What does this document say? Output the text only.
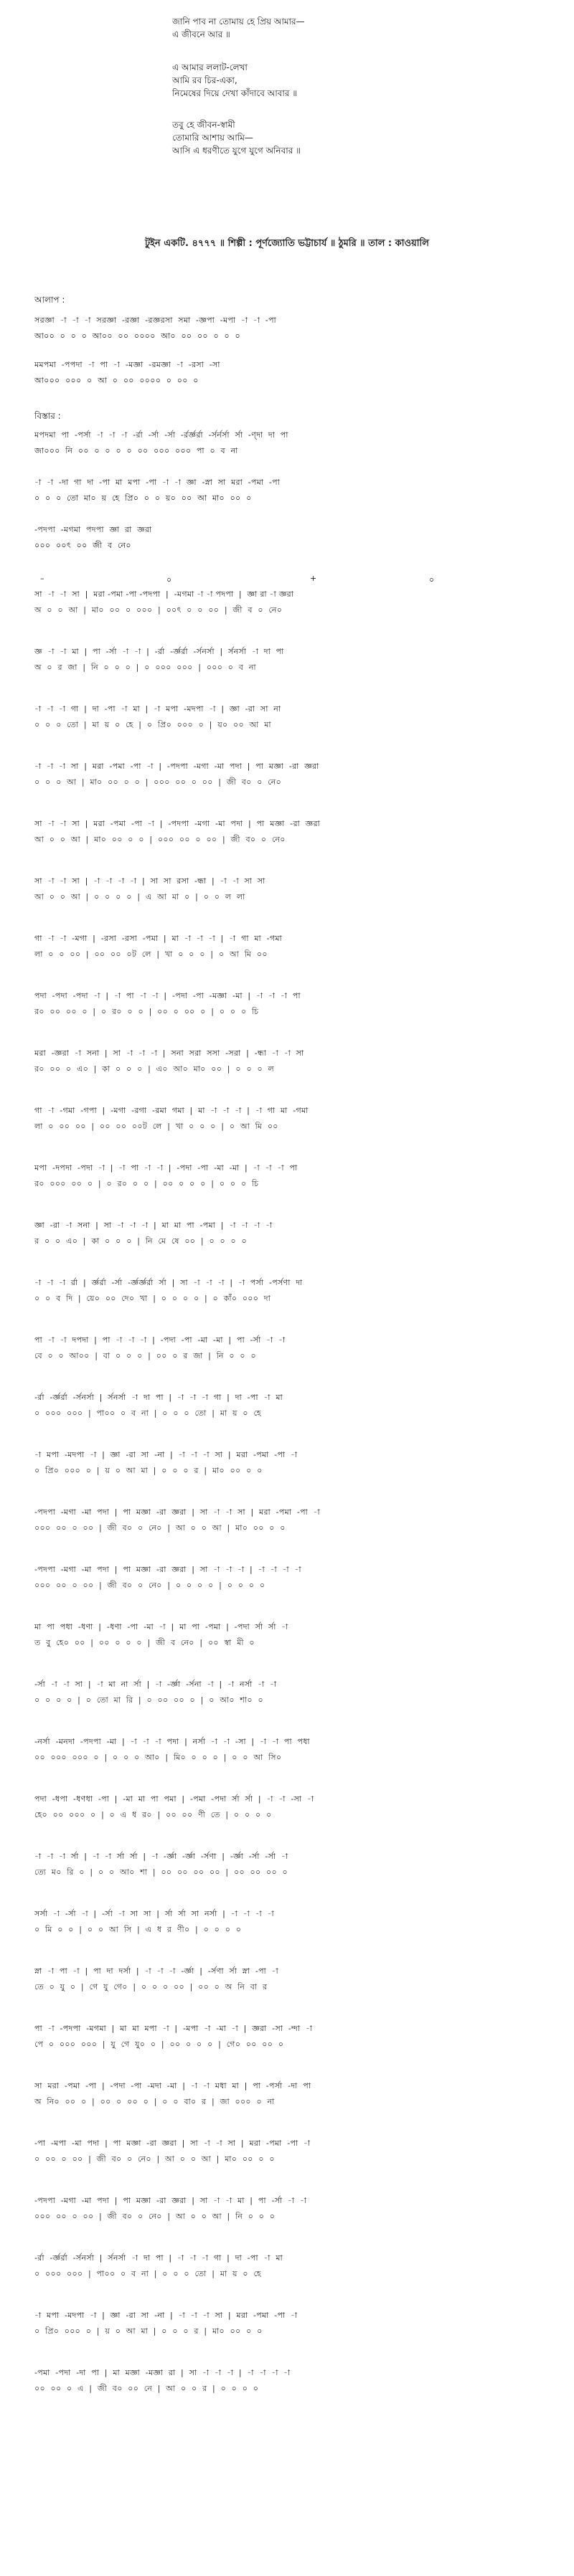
জানি পাব না তোমায় হে প্রিয় আমার—
এ জীবনে আর ॥
এ আমার ললাট-লেখা
আমি রব চির-একা,
নিমেষের দিয়ে দেখা কাঁদাবে আবার ॥
তবু হে জীবন-স্বামী
তোমারি আশায় আমি—
আসি এ ধরণীতে যুগে যুগে অনিবার ॥
টুইন একটি. ৪৭৭৭ ॥ শিল্পী : পূর্ণজ্যোতি ভট্টাচার্য ॥ ঠুমরি ॥ তাল : কাওয়ালি
আলাপ :
সরজ্ঞা  -া  -া  -া  সরজ্ঞা  -রজ্ঞা  -রজ্ঞরসা  সমা  -জ্ঞপা  -মপা  -া  -া  -পা
আ০০  ০  ০  ০  আ০০  ০০  ০০০০  আ০  ০০  ০০  ০  ০  ০
মমপমা  -পপদা  -া  পা  -া  -মজ্ঞা  -রমজ্ঞা  -া  -রসা  -সা
আ০০০  ০০০  ০  আ  ০  ০০  ০০০০  ০  ০০  ০
বিস্তার :
মপদমা  পা  -পর্সা  -া  -া  -া  -র্রা  -র্সা  -র্সা  -র্রর্জ্ঞর্রা  -র্সর্নর্সা  র্সা  -ণ্দা  দা  পা
জা০০০  নি  ০০  ০  ০  ০  ০  ০০  ০০০  ০০০  পা  ০  ব  না
-া  -া  -দা  গা  দা  -পা  মা  মপা  -পা  -া  -া  জ্ঞা  -স্না  সা  মরা  -পমা  -পা
০  ০  ০  তো  মা০  য়  হে  প্রি০  ০  ০  য়০  ০০  আ  মা০  ০০  ০
-পদপা  -মগমা  পদপা  জ্ঞা  রা  জ্ঞরা
০০০  ০০ৎ  ০০  জী  ব  নে০
–	০	+	০
সা  -া  -া  সা  |  মরা -পমা -পা -পদপা  |  -মগমা -া -া পদপা  |  জ্ঞা রা -া জ্ঞরা
অ  ০  ০  আ  |  মা০  ০০  ০  ০০০  |  ০০ৎ  ০  ০  ০০  |  জী  ব  ০  নে০
জ্ঞ  -া  -া  মা  |  পা  -র্সা  -া  -া  |  -র্রা  -র্জ্ঞর্রা  -র্সনর্সা  |  র্সনর্সা  -া  দা  পা
অ  ০  র  জা  |  নি  ০  ০  ০  |  ০  ০০০  ০০০  |  ০০০  ০  ব  না
-া  -া  -া  গা  |  দা  -পা  -া  মা  |  -া  মপা  -মদপা  -া  |  জ্ঞা  -রা  সা  না
০  ০  ০  তো  |  মা  য়  ০  হে  |  ০  প্রি০  ০০০  ০  |  য়০  ০০  আ  মা
-া  -া  -া  সা  |  মরা  -পমা  -পা  -া  |  -পদপা  -মগা  -মা  পদা  |  পা  মজ্ঞা  -রা  জ্ঞরা
০  ০  ০  আ  |  মা০  ০০  ০  ০  |  ০০০  ০০  ০  ০০  |  জী  ব০  ০  নে০
সা  -া  -া  সা  |  মরা  -পমা  -পা  -া  |  -পদপা  -মগা  -মা  পদা  |  পা  মজ্ঞা  -রা  জ্ঞরা
আ  ০  ০  আ  |  মা০  ০০  ০  ০  |  ০০০  ০০  ০  ০০  |  জী  ব০  ০  নে০
সা  -া  -া  সা  |  -া  -া  -া  -া  |  সা  সা  রসা  -ন্ধা  |  -া  -া  সা  সা
আ  ০  ০  আ  |  ০  ০  ০  ০  |  এ  আ  মা  ০  |  ০  ০  ল  লা
গা  -া  -া  -মগা  |  -রসা  -রসা  -পমা  |  মা  -া  -া  -া  |  -া  গা  মা  -গমা
লা  ০  ০  ০০  |  ০০  ০০  ০ট  লে  |  খা  ০  ০  ০  |  ০  আ  মি  ০০
পদা  -পদা  -পদা  -া  |  -া  পা  -া  -া  |  -পদা  -পা  -মজ্ঞা  -মা  |  -া  -া  -া  পা
র০  ০০  ০০  ০  |  ০  র০  ০  ০  |  ০০  ০  ০০  ০  |  ০  ০  ০  চি
মরা  -জ্ঞরা  -া  সনা  |  সা  -া  -া  -া  |  সনা  সরা  সসা  -সরা  |  -ন্ধা  -া  -া  সা
র০  ০০  ০  এ০  |  কা  ০  ০  ০  |  এ০  আ০  মা০  ০০  |  ০  ০  ০  ল
গা  -া  -গমা  -গপা  |  -মগা  -রগা  -রমা  গমা  |  মা  -া  -া  -া  |  -া  গা  মা  -গমা
লা  ০  ০০  ০০  |  ০০  ০০  ০০ট  লে  |  খা  ০  ০  ০  |  ০  আ  মি  ০০
মপা  -দপদা  -পদা  -া  |  -া  পা  -া  -া  |  -পদা  -পা  -মা  -মা  |  -া  -া  -া  পা
র০  ০০০  ০০  ০  |  ০  র০  ০  ০  |  ০০  ০  ০  ০  |  ০  ০  ০  চি
জ্ঞা  -রা  -া  সনা  |  সা  -া  -া  -া  |  মা  মা  পা  -পমা  |  -া  -া  -া  -া
র  ০  ০  এ০  |  কা  ০  ০  ০  |  নি  মে  ষে  ০০  |  ০  ০  ০  ০
-া  -া  -া  র্রা  |  র্জ্ঞর্রা  -র্সা  -র্জ্ঞর্জ্ঞর্রা  র্সা  |  সা  -া  -া  -া  |  -া  পর্সা  -পর্সণা  দা
০  ০  ব  দি  |  য়ে০  ০০  দে০  খা  |  ০  ০  ০  ০  |  ০  কাঁ০  ০০০  দা
পা  -া  -া  দপদা  |  পা  -া  -া  -া  |  -পদা  -পা  -মা  -মা  |  পা  -র্সা  -া  -া
বে  ০  ০  আ০০  |  বা  ০  ০  ০  |  ০০  ০  র  জা  |  নি  ০  ০  ০
-র্রা  -র্জ্ঞর্রা  -র্সনর্সা  |  র্সনর্সা  -া  দা  পা  |  -া  -া  -া  গা  |  দা  -পা  -া  মা
০  ০০০  ০০০  |  পা০০  ০  ব  না  |  ০  ০  ০  তো  |  মা  য়  ০  হে
-া  মপা  -মদপা  -া  |  জ্ঞা  -রা  সা  -না  |  -া  -া  -া  সা  |  মরা  -পমা  -পা  -া
০  প্রি০  ০০০  ০  |  য়  ০  আ  মা  |  ০  ০  ০  র  |  মা০  ০০  ০  ০
-পদপা  -মগা  -মা  পদা  |  পা  মজ্ঞা  -রা  জ্ঞরা  |  সা  -া  -া  সা  |  মরা  -পমা  -পা  -া
০০০  ০০  ০  ০০  |  জী  ব০  ০  নে০  |  আ  ০  ০  আ  |  মা০  ০০  ০  ০
-পদপা  -মগা  -মা  পদা  |  পা  মজ্ঞা  -রা  জ্ঞরা  |  সা  -া  -া  -া  |  -া  -া  -া  -া
০০০  ০০  ০  ০০  |  জী  ব০  ০  নে০  |  ০  ০  ০  ০  |  ০  ০  ০  ০
মা  পা  পধা  -ধণা  |  -ধণা  -পা  -মা  -া  |  মা  পা  -পমা  |  -পদা  র্সা  র্সা  -া
ত  বু  হে০  ০০  |  ০০  ০  ০  ০  |  জী  ব  নে০  |  ০০  স্বা  মী  ০
-র্সা  -া  -া  সা  |  -া  মা  না  র্সা  |  -া  -র্জ্ঞা  -র্সনা  -া  |  -া  নর্সা  -া  -া
০  ০  ০  ০  |  ০  তো  মা  রি  |  ০  ০০  ০০  ০  |  ০  আ০  শা০  ০
-নর্সা  -মনদা  -পদপা  -মা  |  -া  -া  -া  পদা  |  নর্সা  -া  -া  -সা  |  -া  -া  পা  পধা
০০  ০০০  ০০০  ০  |  ০  ০  ০  আ০  |  মি০  ০  ০  ০  |  ০  ০  আ  সি০
পদা  -ধপা  -ধণধা  -পা  |  -মা  মা  পা  পমা  |  -পমা  -পদা  র্সা  র্সা  |  -া  -া  -সা  -া
হে০  ০০  ০০০  ০  |  ০  এ  ধ  র০  |  ০০  ০০  ণী  তে  |  ০  ০  ০  ০
-া  -া  -া  র্সা  |  -া  -া  র্সা  র্সা  |  -া  -র্জ্ঞা  -র্জ্ঞা  -র্সণা  |  -র্জ্ঞা  -র্সা  -র্সা  -া
ত্যে  ম০  রি  ০  |  ০  ০  আ০  শা  |  ০০  ০০  ০০  ০০  |  ০০  ০০  ০০  ০
সর্সা  -া  -র্সা  -া  |  -র্সা  -া  সা  সা  |  র্সা  র্সা  সা  নর্সা  |  -া  -া  -া  -া
০  মি  ০  ০  |  ০  ০  আ  সি  |  এ  ধ  র  ণী০  |  ০  ০  ০  ০
স্না  -া  পা  -া  |  পা  দা  দর্সা  |  -া  -া  -া  -র্জ্ঞা  |  -র্সণা  র্সা  স্না  -পা  -া
তে  ০  যু  ০  |  গে  যু  গে০  |  ০  ০  ০  ০০  |  ০০  ০  অ  নি  বা  র
পা  -া  -পদপা  -মগমা  |  মা  মা  মপা  -া  |  -মপা  -া  -মা  -া  |  জ্ঞরা  -সা  -ন্দা  -া
পে  ০  ০০০  ০০০  |  যু  গে  যু০  ০  |  ০০  ০  ০  ০  |  গে০  ০০  ০০  ০
সা  মরা  -পমা  -পা  |  -পদা  -পা  -মদা  -মা  |  -া  -া  মধা  মা  |  পা  -পর্সা  -দা  পা
অ  নি০  ০০  ০  |  ০০  ০  ০০  ০  |  ০  ০  বা০  র  |  জা  ০০০  ০  না
-পা  -মপা  -মা  পদা  |  পা  মজ্ঞা  -রা  জ্ঞরা  |  সা  -া  -া  সা  |  মরা  -পমা  -পা  -া
০  ০০  ০  ০০  |  জী  ব০  ০  নে০  |  আ  ০  ০  আ  |  মা০  ০০  ০  ০
-পদপা  -মগা  -মা  পদা  |  পা  মজ্ঞা  -রা  জ্ঞরা  |  সা  -া  -া  মা  |  পা  -র্সা  -া  -া
০০০  ০০  ০  ০০  |  জী  ব০  ০  নে০  |  আ  ০  ০  আ  |  নি  ০  ০  ০
-র্রা  -র্জ্ঞর্রা  -র্সনর্সা  |  র্সনর্সা  -া  দা  পা  |  -া  -া  -া  গা  |  দা  -পা  -া  মা
০  ০০০  ০০০  |  পা০০  ০  ব  না  |  ০  ০  ০  তো  |  মা  য়  ০  হে
-া  মপা  -মদপা  -া  |  জ্ঞা  -রা  সা  -না  |  -া  -া  -া  সা  |  মরা  -পমা  -পা  -া
০  প্রি০  ০০০  ০  |  য়  ০  আ  মা  |  ০  ০  ০  র  |  মা০  ০০  ০  ০
-পমা  -পদা  -দা  পা  |  মা  মজ্ঞা  -মজ্ঞা  রা  |  সা  -া  -া  -া  |  -া  -া  -া  -া
০০  ০০  ০  এ  |  জী  ব০  ০০  নে  |  আ  ০  ০  র  |  ০  ০  ০  ০
